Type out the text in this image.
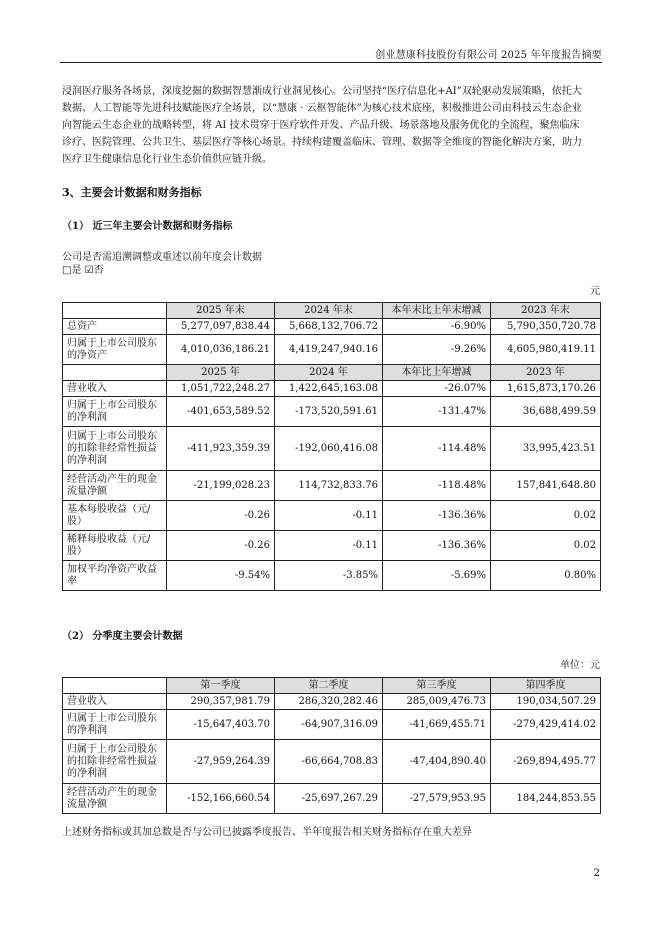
创业慧康科技股份有限公司 2025 年年度报告摘要
浸润医疗服务各场景，深度挖掘的数据智慧渐成行业洞见核心。公司坚持“医疗信息化+AI”双轮驱动发展策略，依托大
数据、人工智能等先进科技赋能医疗全场景，以“慧康 · 云枢智能体”为核心技术底座，积极推进公司由科技云生态企业
向智能云生态企业的战略转型，将 AI 技术贯穿于医疗软件开发、产品升级、场景落地及服务优化的全流程，聚焦临床
诊疗、医院管理、公共卫生、基层医疗等核心场景。持续构建覆盖临床、管理、数据等全维度的智能化解决方案，助力
医疗卫生健康信息化行业生态价值供应链升级。
3、主要会计数据和财务指标
（1） 近三年主要会计数据和财务指标
公司是否需追溯调整或重述以前年度会计数据
□是 ☑否
元
	2025 年末	2024 年末	本年末比上年末增减	2023 年末
总资产	5,277,097,838.44	5,668,132,706.72	-6.90%	5,790,350,720.78
归属于上市公司股东的净资产	4,010,036,186.21	4,419,247,940.16	-9.26%	4,605,980,419.11
	2025 年	2024 年	本年比上年增减	2023 年
营业收入	1,051,722,248.27	1,422,645,163.08	-26.07%	1,615,873,170.26
归属于上市公司股东的净利润	-401,653,589.52	-173,520,591.61	-131.47%	36,688,499.59
归属于上市公司股东的扣除非经常性损益的净利润	-411,923,359.39	-192,060,416.08	-114.48%	33,995,423.51
经营活动产生的现金流量净额	-21,199,028.23	114,732,833.76	-118.48%	157,841,648.80
基本每股收益（元/股）	-0.26	-0.11	-136.36%	0.02
稀释每股收益（元/股）	-0.26	-0.11	-136.36%	0.02
加权平均净资产收益率	-9.54%	-3.85%	-5.69%	0.80%
（2） 分季度主要会计数据
单位：元
	第一季度	第二季度	第三季度	第四季度
营业收入	290,357,981.79	286,320,282.46	285,009,476.73	190,034,507.29
归属于上市公司股东的净利润	-15,647,403.70	-64,907,316.09	-41,669,455.71	-279,429,414.02
归属于上市公司股东的扣除非经常性损益的净利润	-27,959,264.39	-66,664,708.83	-47,404,890.40	-269,894,495.77
经营活动产生的现金流量净额	-152,166,660.54	-25,697,267.29	-27,579,953.95	184,244,853.55
上述财务指标或其加总数是否与公司已披露季度报告、半年度报告相关财务指标存在重大差异
2
